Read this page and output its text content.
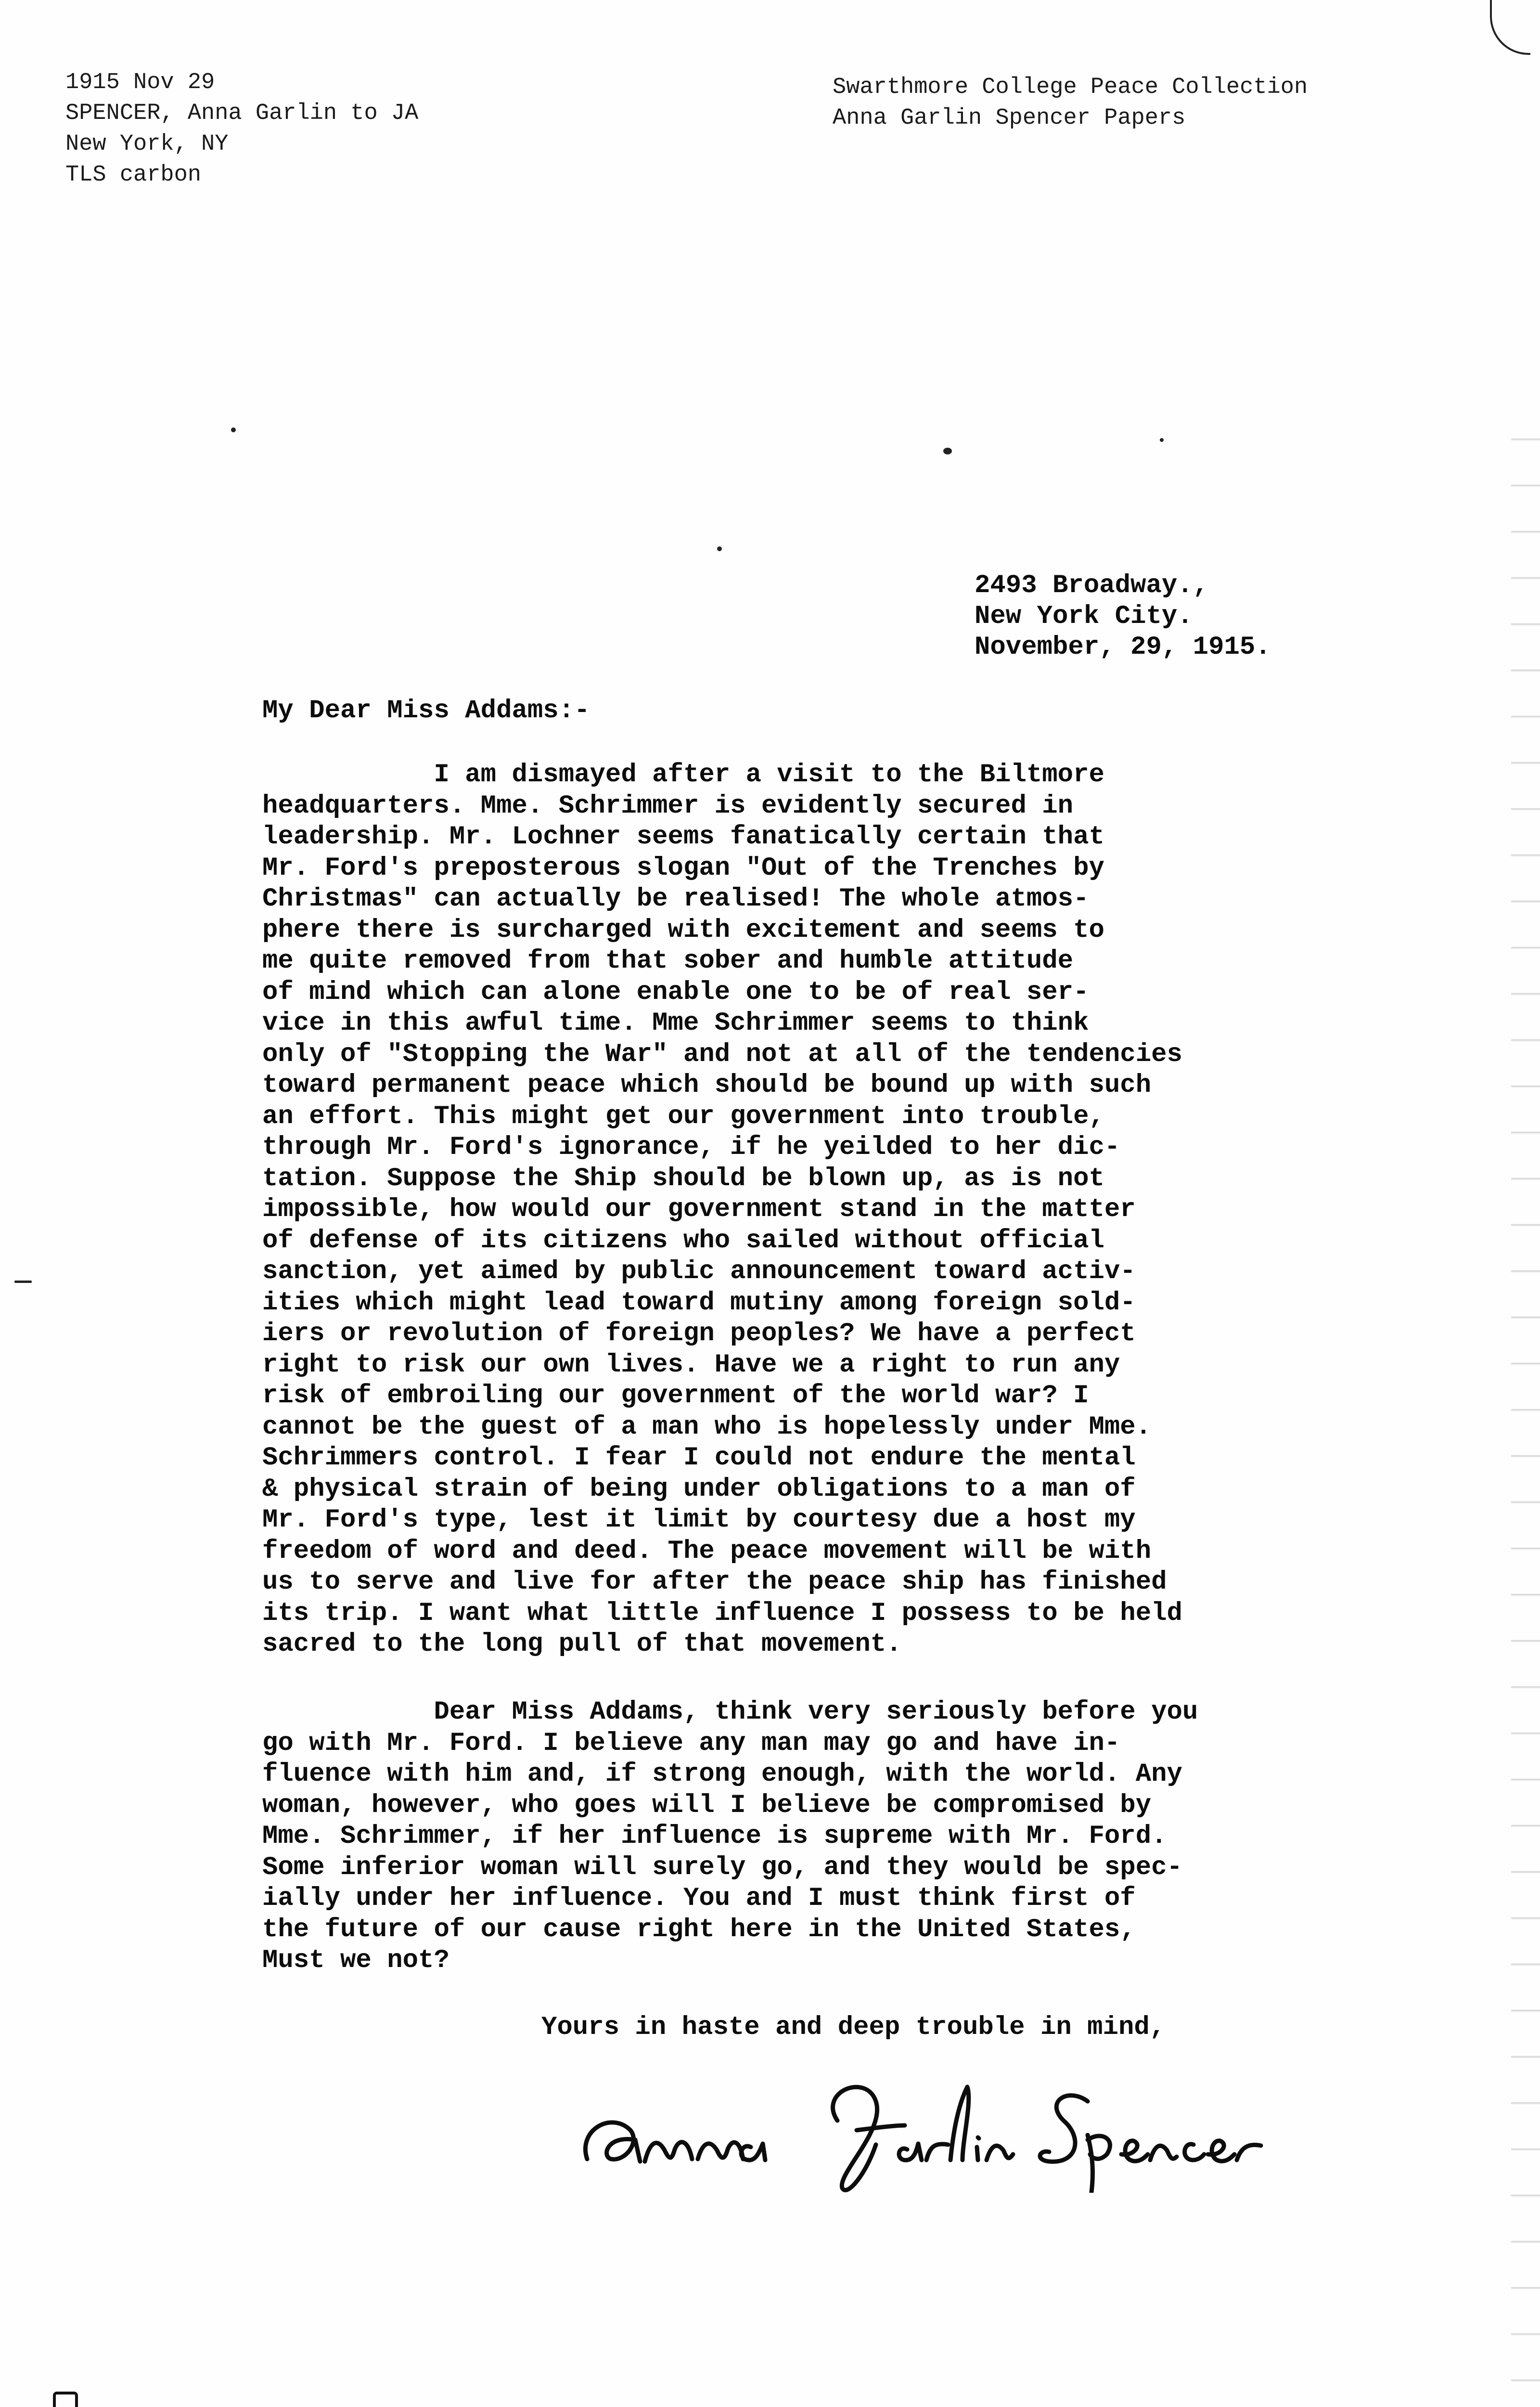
1915 Nov 29
SPENCER, Anna Garlin to JA
New York, NY
TLS carbon
Swarthmore College Peace Collection
Anna Garlin Spencer Papers
2493 Broadway.,
New York City.
November, 29, 1915.
My Dear Miss Addams:-
I am dismayed after a visit to the Biltmore
headquarters. Mme. Schrimmer is evidently secured in
leadership. Mr. Lochner seems fanatically certain that
Mr. Ford's preposterous slogan "Out of the Trenches by
Christmas" can actually be realised! The whole atmos-
phere there is surcharged with excitement and seems to
me quite removed from that sober and humble attitude
of mind which can alone enable one to be of real ser-
vice in this awful time. Mme Schrimmer seems to think
only of "Stopping the War" and not at all of the tendencies
toward permanent peace which should be bound up with such
an effort. This might get our government into trouble,
through Mr. Ford's ignorance, if he yeilded to her dic-
tation. Suppose the Ship should be blown up, as is not
impossible, how would our government stand in the matter
of defense of its citizens who sailed without official
sanction, yet aimed by public announcement toward activ-
ities which might lead toward mutiny among foreign sold-
iers or revolution of foreign peoples? We have a perfect
right to risk our own lives. Have we a right to run any
risk of embroiling our government of the world war? I
cannot be the guest of a man who is hopelessly under Mme.
Schrimmers control. I fear I could not endure the mental
& physical strain of being under obligations to a man of
Mr. Ford's type, lest it limit by courtesy due a host my
freedom of word and deed. The peace movement will be with
us to serve and live for after the peace ship has finished
its trip. I want what little influence I possess to be held
sacred to the long pull of that movement.
Dear Miss Addams, think very seriously before you
go with Mr. Ford. I believe any man may go and have in-
fluence with him and, if strong enough, with the world. Any
woman, however, who goes will I believe be compromised by
Mme. Schrimmer, if her influence is supreme with Mr. Ford.
Some inferior woman will surely go, and they would be spec-
ially under her influence. You and I must think first of
the future of our cause right here in the United States,
Must we not?
Yours in haste and deep trouble in mind,
